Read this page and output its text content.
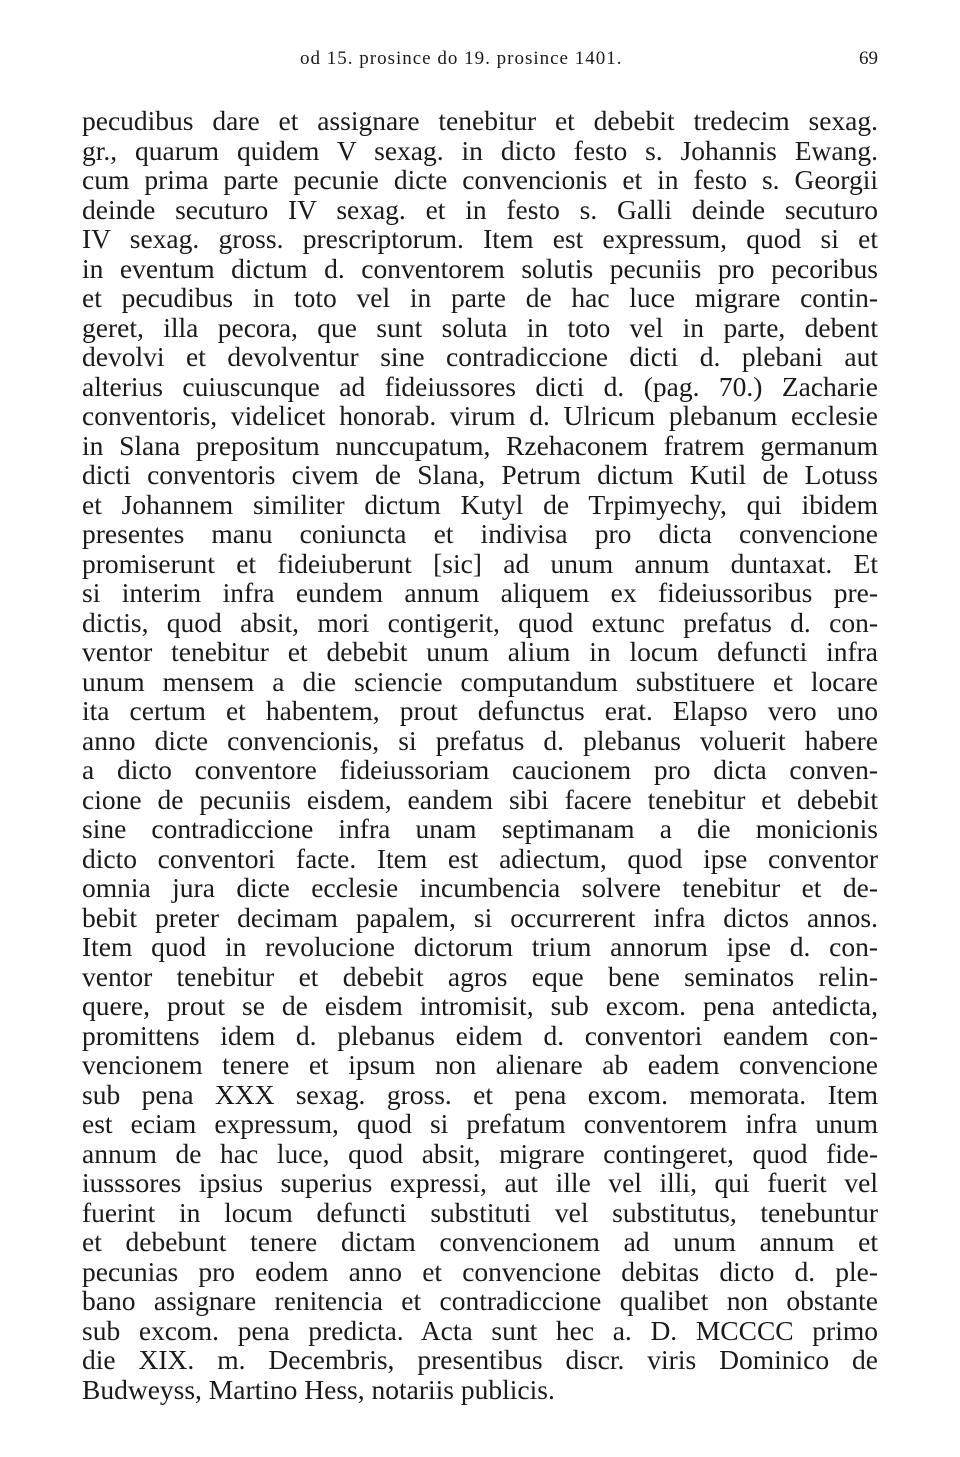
od 15. prosince do 19. prosince 1401.	69
pecudibus dare et assignare tenebitur et debebit tredecim sexag.
gr., quarum quidem V sexag. in dicto festo s. Johannis Ewang.
cum prima parte pecunie dicte convencionis et in festo s. Georgii
deinde secuturo IV sexag. et in festo s. Galli deinde secuturo
IV sexag. gross. prescriptorum. Item est expressum, quod si et
in eventum dictum d. conventorem solutis pecuniis pro pecoribus
et pecudibus in toto vel in parte de hac luce migrare contin-
geret, illa pecora, que sunt soluta in toto vel in parte, debent
devolvi et devolventur sine contradiccione dicti d. plebani aut
alterius cuiuscunque ad fideiussores dicti d. (pag. 70.) Zacharie
conventoris, videlicet honorab. virum d. Ulricum plebanum ecclesie
in Slana prepositum nunccupatum, Rzehaconem fratrem germanum
dicti conventoris civem de Slana, Petrum dictum Kutil de Lotuss
et Johannem similiter dictum Kutyl de Trpimyechy, qui ibidem
presentes manu coniuncta et indivisa pro dicta convencione
promiserunt et fideiuberunt [sic] ad unum annum duntaxat. Et
si interim infra eundem annum aliquem ex fideiussoribus pre-
dictis, quod absit, mori contigerit, quod extunc prefatus d. con-
ventor tenebitur et debebit unum alium in locum defuncti infra
unum mensem a die sciencie computandum substituere et locare
ita certum et habentem, prout defunctus erat. Elapso vero uno
anno dicte convencionis, si prefatus d. plebanus voluerit habere
a dicto conventore fideiussoriam caucionem pro dicta conven-
cione de pecuniis eisdem, eandem sibi facere tenebitur et debebit
sine contradiccione infra unam septimanam a die monicionis
dicto conventori facte. Item est adiectum, quod ipse conventor
omnia jura dicte ecclesie incumbencia solvere tenebitur et de-
bebit preter decimam papalem, si occurrerent infra dictos annos.
Item quod in revolucione dictorum trium annorum ipse d. con-
ventor tenebitur et debebit agros eque bene seminatos relin-
quere, prout se de eisdem intromisit, sub excom. pena antedicta,
promittens idem d. plebanus eidem d. conventori eandem con-
vencionem tenere et ipsum non alienare ab eadem convencione
sub pena XXX sexag. gross. et pena excom. memorata. Item
est eciam expressum, quod si prefatum conventorem infra unum
annum de hac luce, quod absit, migrare contingeret, quod fide-
iusssores ipsius superius expressi, aut ille vel illi, qui fuerit vel
fuerint in locum defuncti substituti vel substitutus, tenebuntur
et debebunt tenere dictam convencionem ad unum annum et
pecunias pro eodem anno et convencione debitas dicto d. ple-
bano assignare renitencia et contradiccione qualibet non obstante
sub excom. pena predicta. Acta sunt hec a. D. MCCCC primo
die XIX. m. Decembris, presentibus discr. viris Dominico de
Budweyss, Martino Hess, notariis publicis.
